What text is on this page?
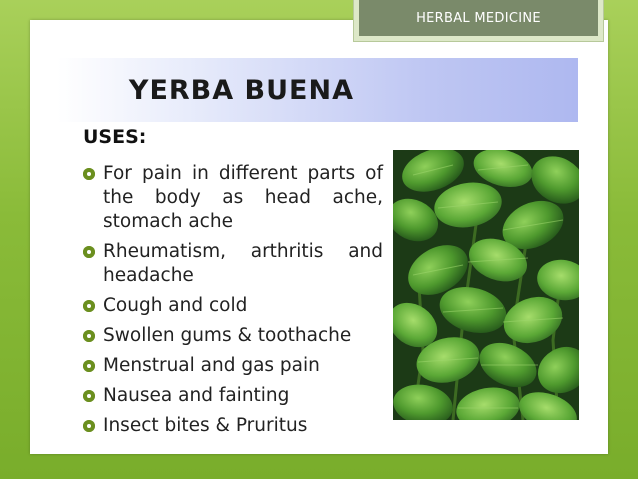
HERBAL MEDICINE
YERBA BUENA
USES:
For pain in different parts of the body as head ache, stomach ache
Rheumatism, arthritis and headache
Cough and cold
Swollen gums & toothache
Menstrual and gas pain
Nausea and fainting
Insect bites & Pruritus
